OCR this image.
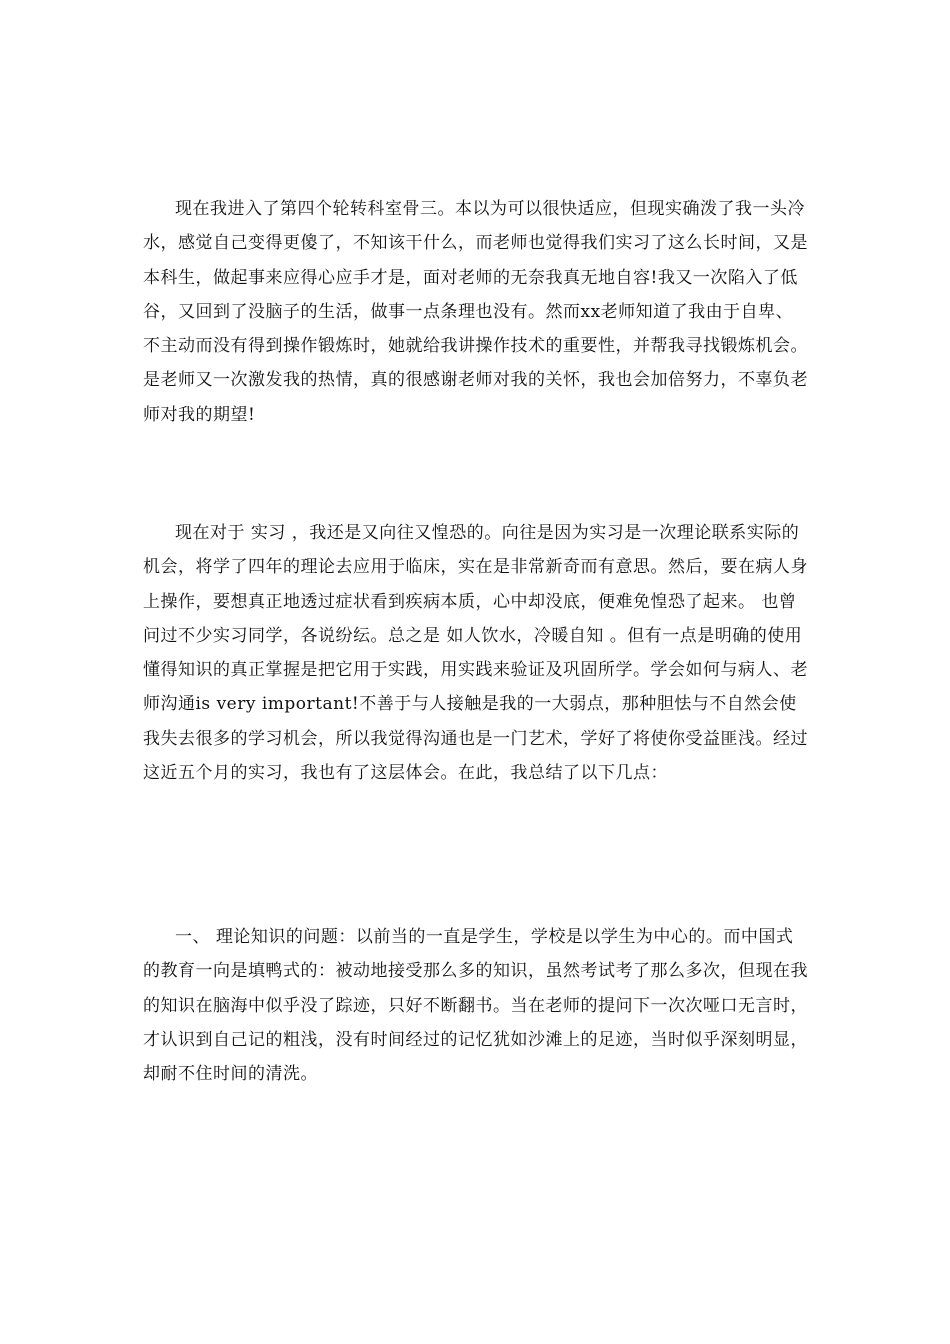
现在我进入了第四个轮转科室骨三。本以为可以很快适应，但现实确泼了我一头冷水，感觉自己变得更傻了，不知该干什么，而老师也觉得我们实习了这么长时间，又是本科生，做起事来应得心应手才是，面对老师的无奈我真无地自容!我又一次陷入了低谷，又回到了没脑子的生活，做事一点条理也没有。然而xx老师知道了我由于自卑、不主动而没有得到操作锻炼时，她就给我讲操作技术的重要性，并帮我寻找锻炼机会。是老师又一次激发我的热情，真的很感谢老师对我的关怀，我也会加倍努力，不辜负老师对我的期望!

现在对于 实习 ，我还是又向往又惶恐的。向往是因为实习是一次理论联系实际的机会，将学了四年的理论去应用于临床，实在是非常新奇而有意思。然后，要在病人身上操作，要想真正地透过症状看到疾病本质，心中却没底，便难免惶恐了起来。 也曾问过不少实习同学，各说纷纭。总之是 如人饮水，冷暖自知 。但有一点是明确的使用懂得知识的真正掌握是把它用于实践，用实践来验证及巩固所学。学会如何与病人、老师沟通is very important!不善于与人接触是我的一大弱点，那种胆怯与不自然会使我失去很多的学习机会，所以我觉得沟通也是一门艺术，学好了将使你受益匪浅。经过这近五个月的实习，我也有了这层体会。在此，我总结了以下几点：

一、 理论知识的问题：以前当的一直是学生，学校是以学生为中心的。而中国式的教育一向是填鸭式的：被动地接受那么多的知识，虽然考试考了那么多次，但现在我的知识在脑海中似乎没了踪迹，只好不断翻书。当在老师的提问下一次次哑口无言时，才认识到自己记的粗浅，没有时间经过的记忆犹如沙滩上的足迹，当时似乎深刻明显，却耐不住时间的清洗。
